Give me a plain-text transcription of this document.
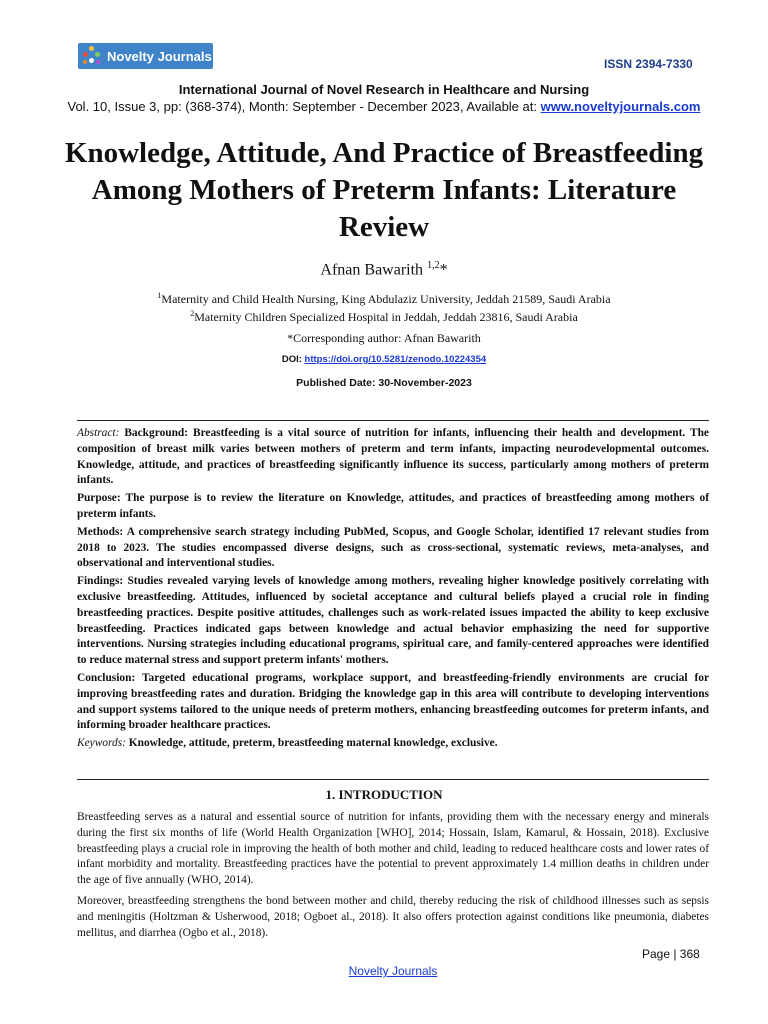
Novelty Journals
ISSN 2394-7330
International Journal of Novel Research in Healthcare and Nursing
Vol. 10, Issue 3, pp: (368-374), Month: September - December 2023, Available at: www.noveltyjournals.com
Knowledge, Attitude, And Practice of Breastfeeding Among Mothers of Preterm Infants: Literature Review
Afnan Bawarith $^{1,2}$*
$^1$Maternity and Child Health Nursing, King Abdulaziz University, Jeddah 21589, Saudi Arabia
$^2$Maternity Children Specialized Hospital in Jeddah, Jeddah 23816, Saudi Arabia
*Corresponding author: Afnan Bawarith
DOI: https://doi.org/10.5281/zenodo.10224354
Published Date: 30-November-2023

Abstract: Background: Breastfeeding is a vital source of nutrition for infants, influencing their health and development. The composition of breast milk varies between mothers of preterm and term infants, impacting neurodevelopmental outcomes. Knowledge, attitude, and practices of breastfeeding significantly influence its success, particularly among mothers of preterm infants.

Purpose: The purpose is to review the literature on Knowledge, attitudes, and practices of breastfeeding among mothers of preterm infants.

Methods: A comprehensive search strategy including PubMed, Scopus, and Google Scholar, identified 17 relevant studies from 2018 to 2023. The studies encompassed diverse designs, such as cross-sectional, systematic reviews, meta-analyses, and observational and interventional studies.

Findings: Studies revealed varying levels of knowledge among mothers, revealing higher knowledge positively correlating with exclusive breastfeeding. Attitudes, influenced by societal acceptance and cultural beliefs played a crucial role in finding breastfeeding practices. Despite positive attitudes, challenges such as work-related issues impacted the ability to keep exclusive breastfeeding. Practices indicated gaps between knowledge and actual behavior emphasizing the need for supportive interventions. Nursing strategies including educational programs, spiritual care, and family-centered approaches were identified to reduce maternal stress and support preterm infants' mothers.

Conclusion: Targeted educational programs, workplace support, and breastfeeding-friendly environments are crucial for improving breastfeeding rates and duration. Bridging the knowledge gap in this area will contribute to developing interventions and support systems tailored to the unique needs of preterm mothers, enhancing breastfeeding outcomes for preterm infants, and informing broader healthcare practices.

Keywords: Knowledge, attitude, preterm, breastfeeding maternal knowledge, exclusive.

1. INTRODUCTION

Breastfeeding serves as a natural and essential source of nutrition for infants, providing them with the necessary energy and minerals during the first six months of life (World Health Organization [WHO], 2014; Hossain, Islam, Kamarul, & Hossain, 2018). Exclusive breastfeeding plays a crucial role in improving the health of both mother and child, leading to reduced healthcare costs and lower rates of infant morbidity and mortality. Breastfeeding practices have the potential to prevent approximately 1.4 million deaths in children under the age of five annually (WHO, 2014).

Moreover, breastfeeding strengthens the bond between mother and child, thereby reducing the risk of childhood illnesses such as sepsis and meningitis (Holtzman & Usherwood, 2018; Ogboet al., 2018). It also offers protection against conditions like pneumonia, diabetes mellitus, and diarrhea (Ogbo et al., 2018).

Page | 368
Novelty Journals
